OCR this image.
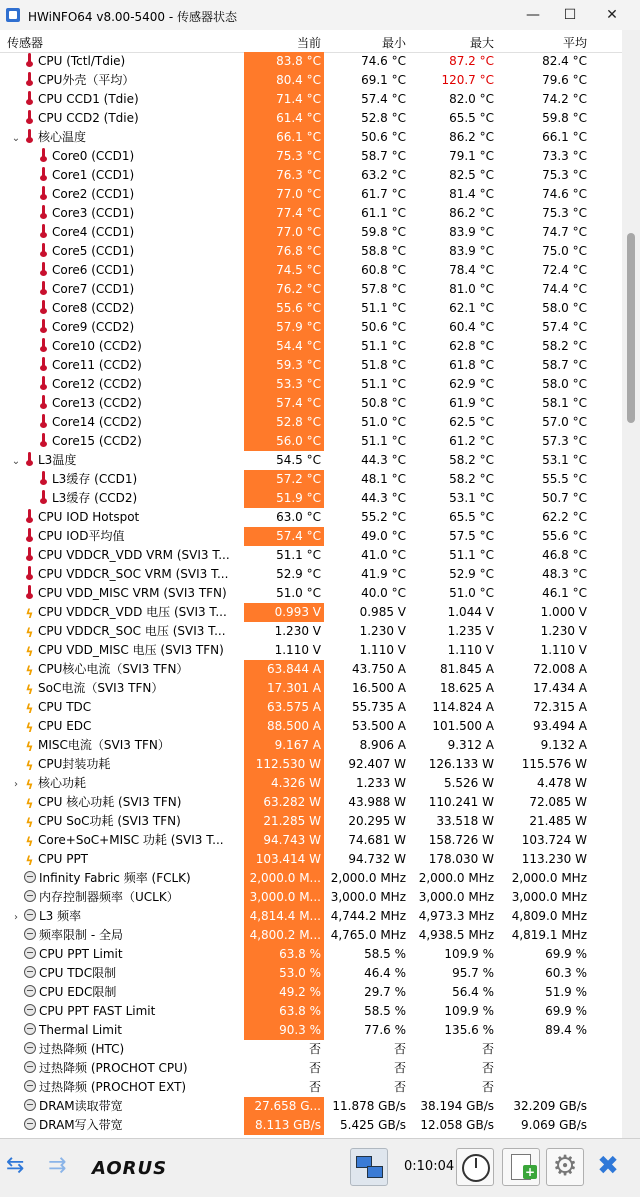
HWiNFO64 v8.00-5400 - 传感器状态	—	☐	✕
传感器	当前	最小	最大	平均
CPU (Tctl/Tdie)	83.8 °C	74.6 °C	87.2 °C	82.4 °C
CPU外壳（平均）	80.4 °C	69.1 °C	120.7 °C	79.6 °C
CPU CCD1 (Tdie)	71.4 °C	57.4 °C	82.0 °C	74.2 °C
CPU CCD2 (Tdie)	61.4 °C	52.8 °C	65.5 °C	59.8 °C
⌄ 核心温度	66.1 °C	50.6 °C	86.2 °C	66.1 °C
Core0 (CCD1)	75.3 °C	58.7 °C	79.1 °C	73.3 °C
Core1 (CCD1)	76.3 °C	63.2 °C	82.5 °C	75.3 °C
Core2 (CCD1)	77.0 °C	61.7 °C	81.4 °C	74.6 °C
Core3 (CCD1)	77.4 °C	61.1 °C	86.2 °C	75.3 °C
Core4 (CCD1)	77.0 °C	59.8 °C	83.9 °C	74.7 °C
Core5 (CCD1)	76.8 °C	58.8 °C	83.9 °C	75.0 °C
Core6 (CCD1)	74.5 °C	60.8 °C	78.4 °C	72.4 °C
Core7 (CCD1)	76.2 °C	57.8 °C	81.0 °C	74.4 °C
Core8 (CCD2)	55.6 °C	51.1 °C	62.1 °C	58.0 °C
Core9 (CCD2)	57.9 °C	50.6 °C	60.4 °C	57.4 °C
Core10 (CCD2)	54.4 °C	51.1 °C	62.8 °C	58.2 °C
Core11 (CCD2)	59.3 °C	51.8 °C	61.8 °C	58.7 °C
Core12 (CCD2)	53.3 °C	51.1 °C	62.9 °C	58.0 °C
Core13 (CCD2)	57.4 °C	50.8 °C	61.9 °C	58.1 °C
Core14 (CCD2)	52.8 °C	51.0 °C	62.5 °C	57.0 °C
Core15 (CCD2)	56.0 °C	51.1 °C	61.2 °C	57.3 °C
⌄ L3温度	54.5 °C	44.3 °C	58.2 °C	53.1 °C
L3缓存 (CCD1)	57.2 °C	48.1 °C	58.2 °C	55.5 °C
L3缓存 (CCD2)	51.9 °C	44.3 °C	53.1 °C	50.7 °C
CPU IOD Hotspot	63.0 °C	55.2 °C	65.5 °C	62.2 °C
CPU IOD平均值	57.4 °C	49.0 °C	57.5 °C	55.6 °C
CPU VDDCR_VDD VRM (SVI3 T...	51.1 °C	41.0 °C	51.1 °C	46.8 °C
CPU VDDCR_SOC VRM (SVI3 T...	52.9 °C	41.9 °C	52.9 °C	48.3 °C
CPU VDD_MISC VRM (SVI3 TFN)	51.0 °C	40.0 °C	51.0 °C	46.1 °C
ϟ CPU VDDCR_VDD 电压 (SVI3 T...	0.993 V	0.985 V	1.044 V	1.000 V
ϟ CPU VDDCR_SOC 电压 (SVI3 T...	1.230 V	1.230 V	1.235 V	1.230 V
ϟ CPU VDD_MISC 电压 (SVI3 TFN)	1.110 V	1.110 V	1.110 V	1.110 V
ϟ CPU核心电流（SVI3 TFN）	63.844 A	43.750 A	81.845 A	72.008 A
ϟ SoC电流（SVI3 TFN）	17.301 A	16.500 A	18.625 A	17.434 A
ϟ CPU TDC	63.575 A	55.735 A	114.824 A	72.315 A
ϟ CPU EDC	88.500 A	53.500 A	101.500 A	93.494 A
ϟ MISC电流（SVI3 TFN）	9.167 A	8.906 A	9.312 A	9.132 A
ϟ CPU封装功耗	112.530 W	92.407 W	126.133 W	115.576 W
› ϟ 核心功耗	4.326 W	1.233 W	5.526 W	4.478 W
ϟ CPU 核心功耗 (SVI3 TFN)	63.282 W	43.988 W	110.241 W	72.085 W
ϟ CPU SoC功耗 (SVI3 TFN)	21.285 W	20.295 W	33.518 W	21.485 W
ϟ Core+SoC+MISC 功耗 (SVI3 T...	94.743 W	74.681 W	158.726 W	103.724 W
ϟ CPU PPT	103.414 W	94.732 W	178.030 W	113.230 W
Infinity Fabric 频率 (FCLK)	2,000.0 M... 2,000.0 MHz	2,000.0 MHz	2,000.0 MHz
内存控制器频率（UCLK）	3,000.0 M... 3,000.0 MHz	3,000.0 MHz	3,000.0 MHz
› L3 频率	4,814.4 M... 4,744.2 MHz	4,973.3 MHz	4,809.0 MHz
频率限制 - 全局	4,800.2 M... 4,765.0 MHz	4,938.5 MHz	4,819.1 MHz
CPU PPT Limit	63.8 %	58.5 %	109.9 %	69.9 %
CPU TDC限制	53.0 %	46.4 %	95.7 %	60.3 %
CPU EDC限制	49.2 %	29.7 %	56.4 %	51.9 %
CPU PPT FAST Limit	63.8 %	58.5 %	109.9 %	69.9 %
Thermal Limit	90.3 %	77.6 %	135.6 %	89.4 %
过热降频 (HTC)	否	否	否
过热降频 (PROCHOT CPU)	否	否	否
过热降频 (PROCHOT EXT)	否	否	否
DRAM读取带宽	27.658 G... 11.878 GB/s	38.194 GB/s	32.209 GB/s
DRAM写入带宽	8.113 GB/s	5.425 GB/s	12.058 GB/s	9.069 GB/s
⇆	⇉	AORUS	0:10:04
+	⚙ ✖
